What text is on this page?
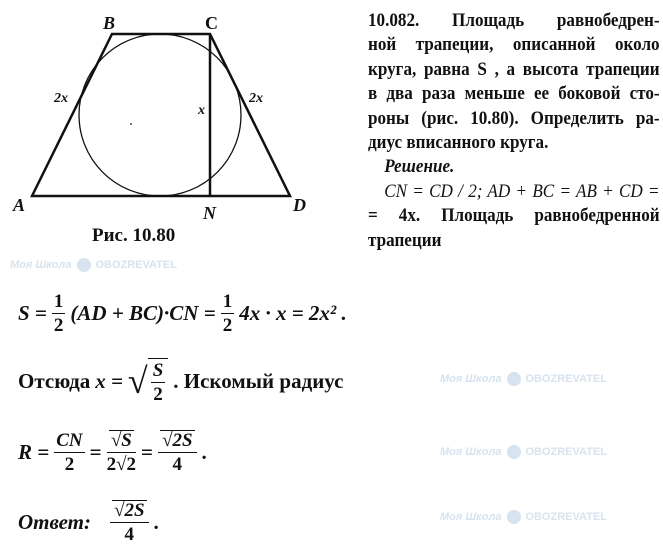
Моя Школа OBOZREVATEL
Моя Школа OBOZREVATEL
Моя Школа OBOZREVATEL
Моя Школа OBOZREVATEL
B	C
A	D
N
2x	2x
x
Рис. 10.80
10.082. Площадь равнобедрен-
ной трапеции, описанной около
круга, равна S , а высота трапеции
в два раза меньше ее боковой сто-
роны (рис. 10.80). Определить ра-
диус вписанного круга.
Решение.
CN = CD / 2; AD + BC = AB + CD =
= 4x. Площадь равнобедренной
трапеции
$S = \frac{1}{2} (AD + BC)\cdot CN = \frac{1}{2} 4x \cdot x = 2x^2$ .
Отсюда x = √ S
2
. Искомый радиус
$R = \frac{CN}{2}$ = √ $\frac{S}{2√2}$ = √ $\frac{2S}{4}$ .
Ответ:	√ 2S
4
.
